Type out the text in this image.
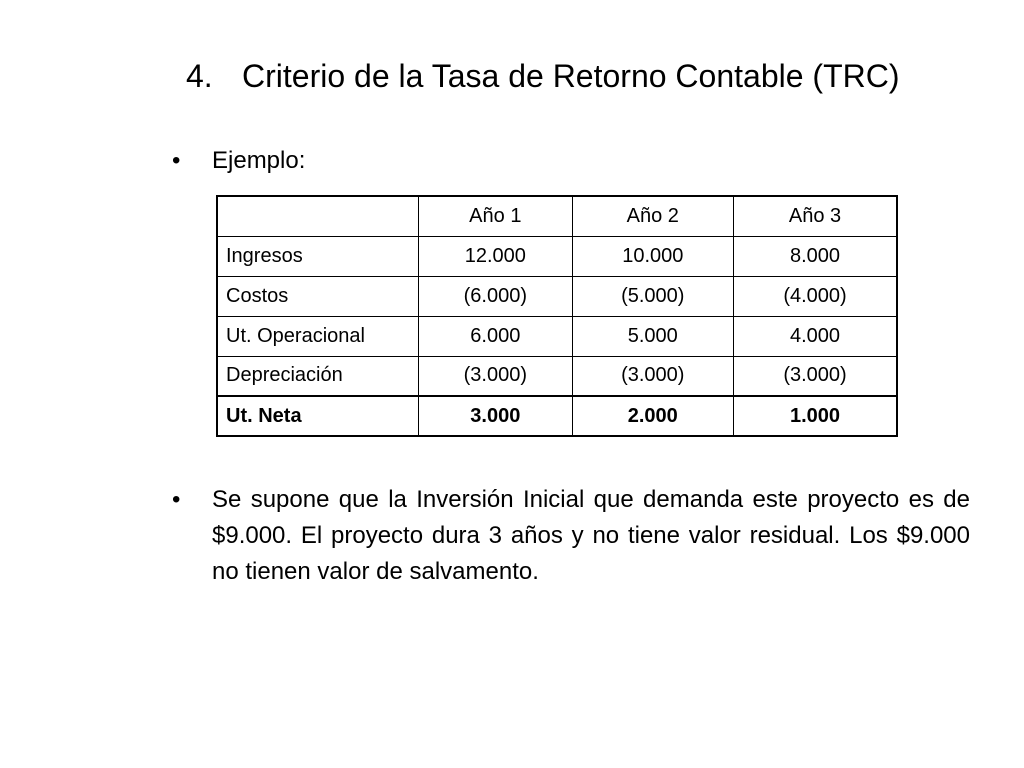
4. Criterio de la Tasa de Retorno Contable (TRC)
•	Ejemplo:
	Año 1	Año 2	Año 3
Ingresos	12.000	10.000	8.000
Costos	(6.000)	(5.000)	(4.000)
Ut. Operacional	6.000	5.000	4.000
Depreciación	(3.000)	(3.000)	(3.000)
Ut. Neta	3.000	2.000	1.000
•	Se supone que la Inversión Inicial que demanda este proyecto es de $9.000. El proyecto dura 3 años y no tiene valor residual. Los $9.000 no tienen valor de salvamento.
